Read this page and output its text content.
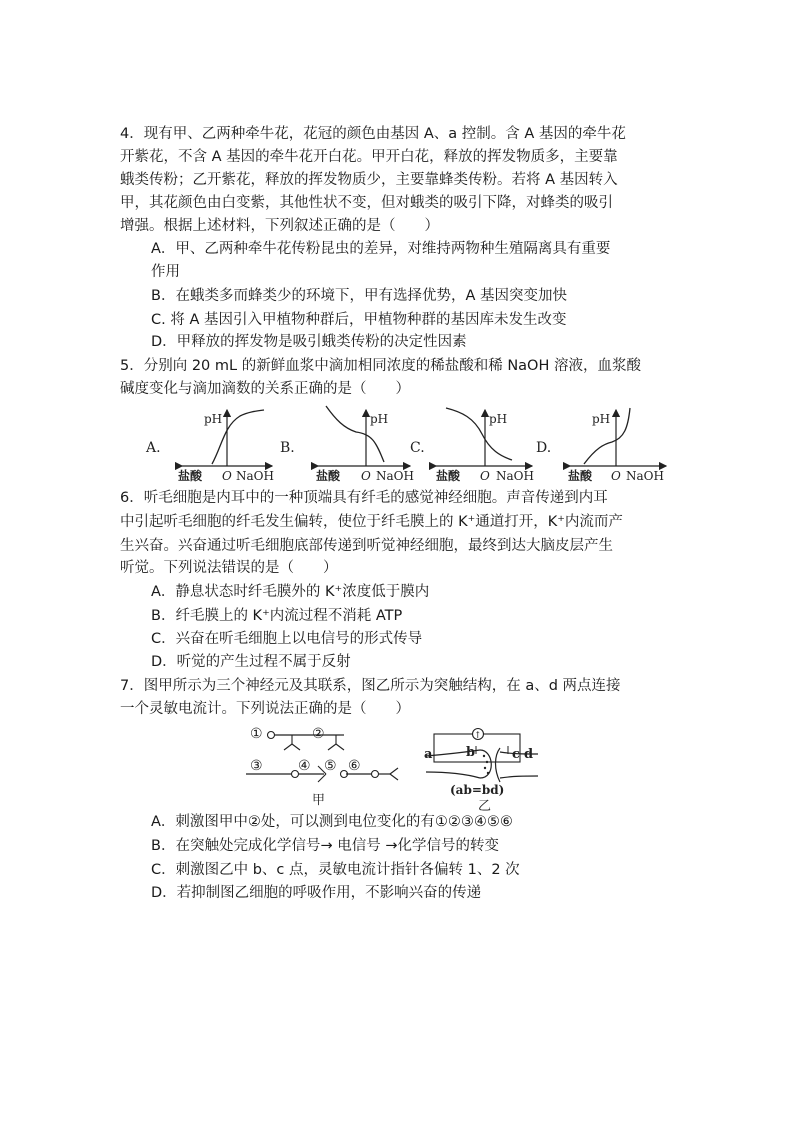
4．现有甲、乙两种牵牛花，花冠的颜色由基因 A、a 控制。含 A 基因的牵牛花
开紫花，不含 A 基因的牵牛花开白花。甲开白花，释放的挥发物质多，主要靠
蛾类传粉；乙开紫花，释放的挥发物质少，主要靠蜂类传粉。若将 A 基因转入
甲，其花颜色由白变紫，其他性状不变，但对蛾类的吸引下降，对蜂类的吸引
增强。根据上述材料，下列叙述正确的是（　　）
A．甲、乙两种牵牛花传粉昆虫的差异，对维持两物种生殖隔离具有重要
作用
B．在蛾类多而蜂类少的环境下，甲有选择优势，A 基因突变加快
C. 将 A 基因引入甲植物种群后，甲植物种群的基因库未发生改变
D．甲释放的挥发物是吸引蛾类传粉的决定性因素
5．分别向 20 mL 的新鲜血浆中滴加相同浓度的稀盐酸和稀 NaOH 溶液，血浆酸
碱度变化与滴加滴数的关系正确的是（　　）
A.
pH
盐酸 O NaOH
B.
pH
盐酸 O NaOH
C.
pH
盐酸 O NaOH
D.
pH
盐酸 O NaOH
6．听毛细胞是内耳中的一种顶端具有纤毛的感觉神经细胞。声音传递到内耳
中引起听毛细胞的纤毛发生偏转，使位于纤毛膜上的 K⁺通道打开，K⁺内流而产
生兴奋。兴奋通过听毛细胞底部传递到听觉神经细胞，最终到达大脑皮层产生
听觉。下列说法错误的是（　　）
A．静息状态时纤毛膜外的 K⁺浓度低于膜内
B．纤毛膜上的 K⁺内流过程不消耗 ATP
C．兴奋在听毛细胞上以电信号的形式传导
D．听觉的产生过程不属于反射
7．图甲所示为三个神经元及其联系，图乙所示为突触结构，在 a、d 两点连接
一个灵敏电流计。下列说法正确的是（　　）
①	②
③	④ ⑤ ⑥
甲
↑
a	b	c d
(ab=bd)
乙
A．刺激图甲中②处，可以测到电位变化的有①②③④⑤⑥
B．在突触处完成化学信号→ 电信号 →化学信号的转变
C．刺激图乙中 b、c 点，灵敏电流计指针各偏转 1、2 次
D．若抑制图乙细胞的呼吸作用，不影响兴奋的传递
